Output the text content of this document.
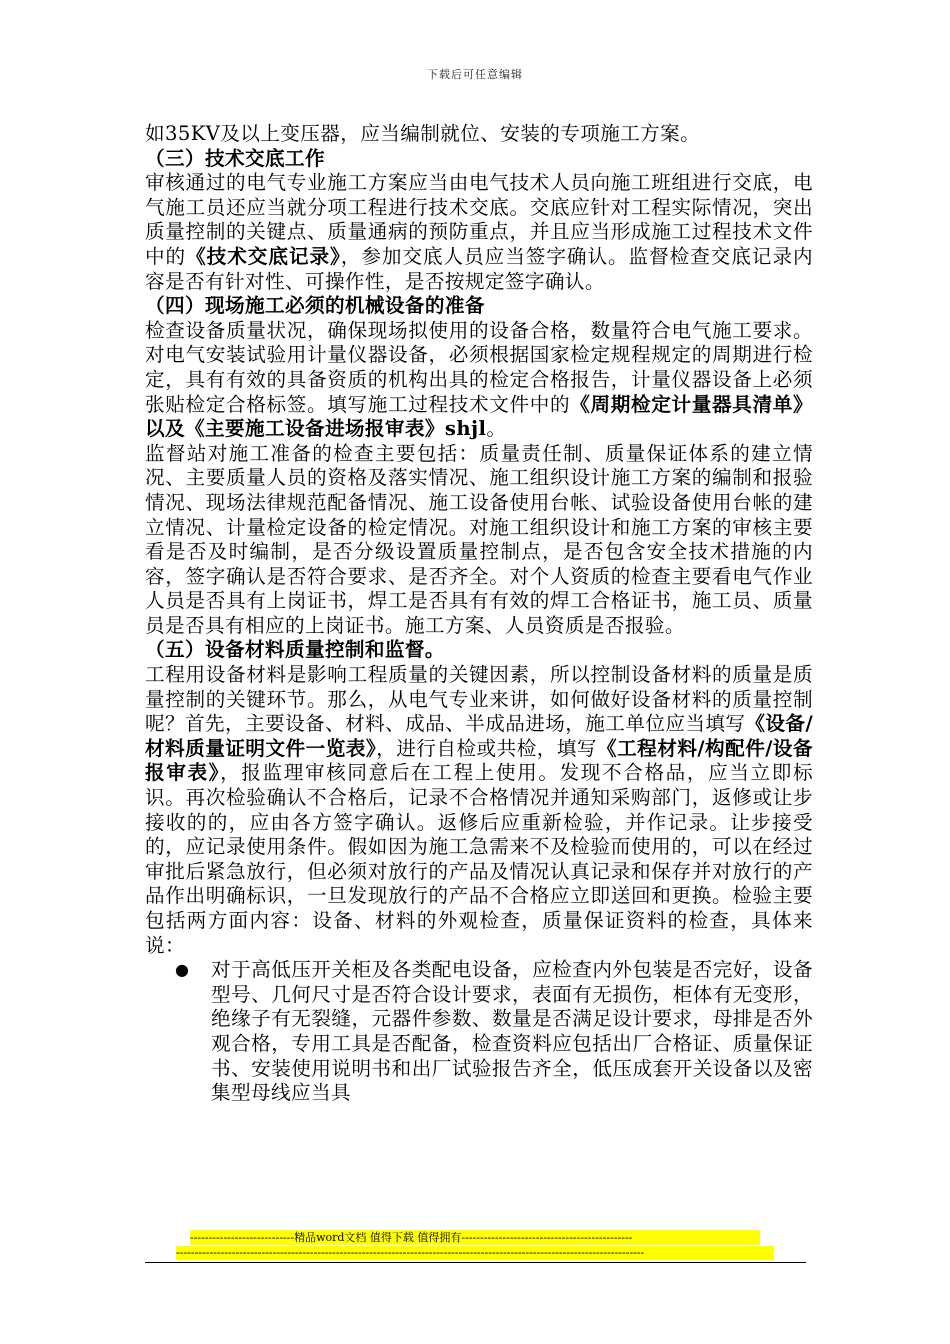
下载后可任意编辑

如35KV及以上变压器，应当编制就位、安装的专项施工方案。

（三）技术交底工作

审核通过的电气专业施工方案应当由电气技术人员向施工班组进行交底，电气施工员还应当就分项工程进行技术交底。交底应针对工程实际情况，突出质量控制的关键点、质量通病的预防重点，并且应当形成施工过程技术文件中的《技术交底记录》，参加交底人员应当签字确认。监督检查交底记录内容是否有针对性、可操作性，是否按规定签字确认。

（四）现场施工必须的机械设备的准备

检查设备质量状况，确保现场拟使用的设备合格，数量符合电气施工要求。对电气安装试验用计量仪器设备，必须根据国家检定规程规定的周期进行检定，具有有效的具备资质的机构出具的检定合格报告，计量仪器设备上必须张贴检定合格标签。填写施工过程技术文件中的《周期检定计量器具清单》以及《主要施工设备进场报审表》shjl。

监督站对施工准备的检查主要包括：质量责任制、质量保证体系的建立情况、主要质量人员的资格及落实情况、施工组织设计施工方案的编制和报验情况、现场法律规范配备情况、施工设备使用台帐、试验设备使用台帐的建立情况、计量检定设备的检定情况。对施工组织设计和施工方案的审核主要看是否及时编制，是否分级设置质量控制点，是否包含安全技术措施的内容，签字确认是否符合要求、是否齐全。对个人资质的检查主要看电气作业人员是否具有上岗证书，焊工是否具有有效的焊工合格证书，施工员、质量员是否具有相应的上岗证书。施工方案、人员资质是否报验。

（五）设备材料质量控制和监督。

工程用设备材料是影响工程质量的关键因素，所以控制设备材料的质量是质量控制的关键环节。那么，从电气专业来讲，如何做好设备材料的质量控制呢？首先，主要设备、材料、成品、半成品进场，施工单位应当填写《设备/材料质量证明文件一览表》，进行自检或共检，填写《工程材料/构配件/设备报审表》，报监理审核同意后在工程上使用。发现不合格品，应当立即标识。再次检验确认不合格后，记录不合格情况并通知采购部门，返修或让步接收的的，应由各方签字确认。返修后应重新检验，并作记录。让步接受的，应记录使用条件。假如因为施工急需来不及检验而使用的，可以在经过审批后紧急放行，但必须对放行的产品及情况认真记录和保存并对放行的产品作出明确标识，一旦发现放行的产品不合格应立即送回和更换。检验主要包括两方面内容：设备、材料的外观检查，质量保证资料的检查，具体来说：

●	对于高低压开关柜及各类配电设备，应检查内外包装是否完好，设备型号、几何尺寸是否符合设计要求，表面有无损伤，柜体有无变形，绝缘子有无裂缝，元器件参数、数量是否满足设计要求，母排是否外观合格，专用工具是否配备，检查资料应包括出厂合格证、质量保证书、安装使用说明书和出厂试验报告齐全，低压成套开关设备以及密集型母线应当具
----------------------------精品word文档 值得下载 值得拥有----------------------------------------------
------------------------------------------------------------------------------------------------------------------------------
